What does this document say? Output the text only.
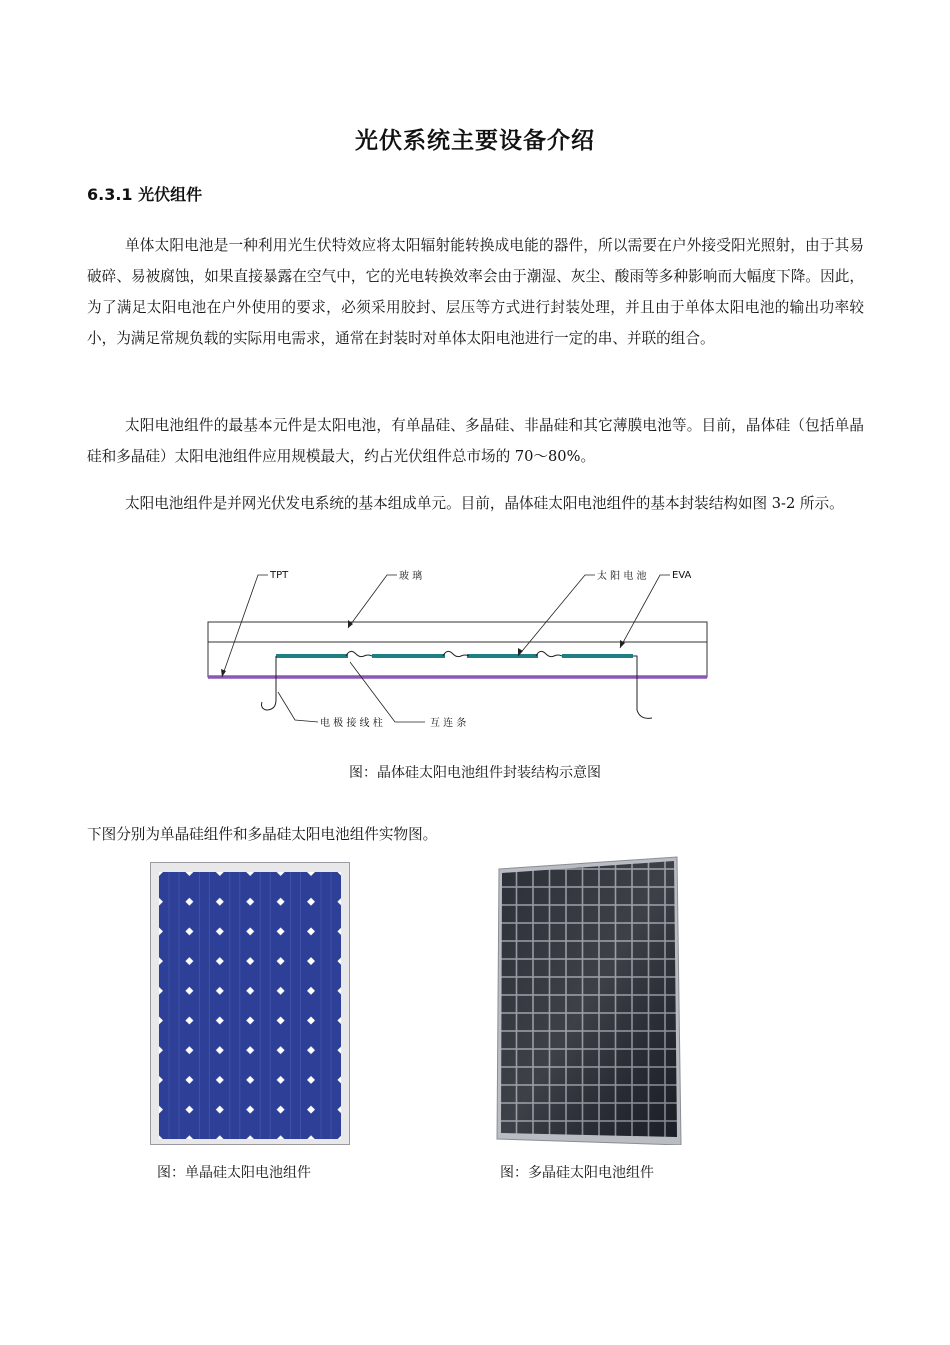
光伏系统主要设备介绍
6.3.1 光伏组件

单体太阳电池是一种利用光生伏特效应将太阳辐射能转换成电能的器件，所以需要在户外接受阳光照射，由于其易破碎、易被腐蚀，如果直接暴露在空气中，它的光电转换效率会由于潮湿、灰尘、酸雨等多种影响而大幅度下降。因此，为了满足太阳电池在户外使用的要求，必须采用胶封、层压等方式进行封装处理，并且由于单体太阳电池的输出功率较小，为满足常规负载的实际用电需求，通常在封装时对单体太阳电池进行一定的串、并联的组合。

太阳电池组件的最基本元件是太阳电池，有单晶硅、多晶硅、非晶硅和其它薄膜电池等。目前，晶体硅（包括单晶硅和多晶硅）太阳电池组件应用规模最大，约占光伏组件总市场的 70～80%。

太阳电池组件是并网光伏发电系统的基本组成单元。目前，晶体硅太阳电池组件的基本封装结构如图 3-2 所示。

TPT	玻 璃	太 阳 电 池	EVA
电 极 接 线 柱	互 连 条
图：晶体硅太阳电池组件封装结构示意图
下图分别为单晶硅组件和多晶硅太阳电池组件实物图。
图：单晶硅太阳电池组件	图：多晶硅太阳电池组件
